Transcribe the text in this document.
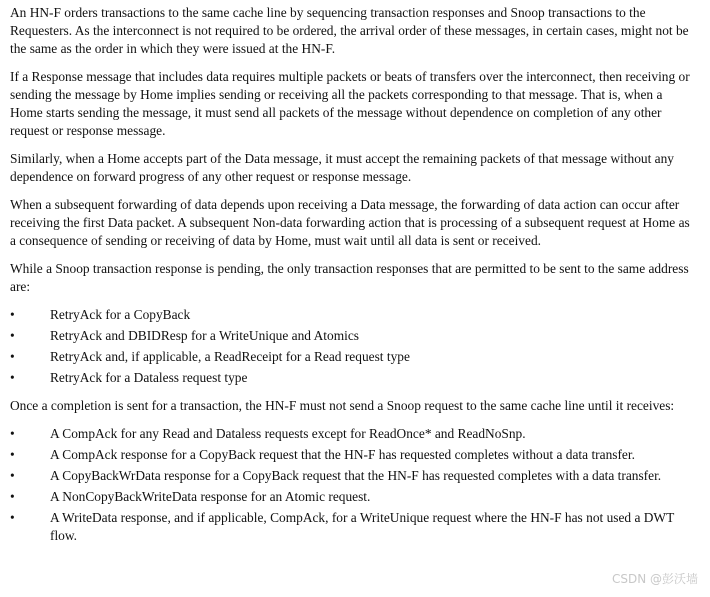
An HN-F orders transactions to the same cache line by sequencing transaction responses and Snoop transactions to the Requesters. As the interconnect is not required to be ordered, the arrival order of these messages, in certain cases, might not be the same as the order in which they were issued at the HN-F.

If a Response message that includes data requires multiple packets or beats of transfers over the interconnect, then receiving or sending the message by Home implies sending or receiving all the packets corresponding to that message. That is, when a Home starts sending the message, it must send all packets of the message without dependence on completion of any other request or response message.

Similarly, when a Home accepts part of the Data message, it must accept the remaining packets of that message without any dependence on forward progress of any other request or response message.

When a subsequent forwarding of data depends upon receiving a Data message, the forwarding of data action can occur after receiving the first Data packet. A subsequent Non-data forwarding action that is processing of a subsequent request at Home as a consequence of sending or receiving of data by Home, must wait until all data is sent or received.

While a Snoop transaction response is pending, the only transaction responses that are permitted to be sent to the same address are:

•	RetryAck for a CopyBack
•	RetryAck and DBIDResp for a WriteUnique and Atomics
•	RetryAck and, if applicable, a ReadReceipt for a Read request type
•	RetryAck for a Dataless request type

Once a completion is sent for a transaction, the HN-F must not send a Snoop request to the same cache line until it receives:

•	A CompAck for any Read and Dataless requests except for ReadOnce* and ReadNoSnp.
•	A CompAck response for a CopyBack request that the HN-F has requested completes without a data transfer.
•	A CopyBackWrData response for a CopyBack request that the HN-F has requested completes with a data transfer.
•	A NonCopyBackWriteData response for an Atomic request.
•	A WriteData response, and if applicable, CompAck, for a WriteUnique request where the HN-F has not used a DWT flow.
CSDN @彭沃墙
